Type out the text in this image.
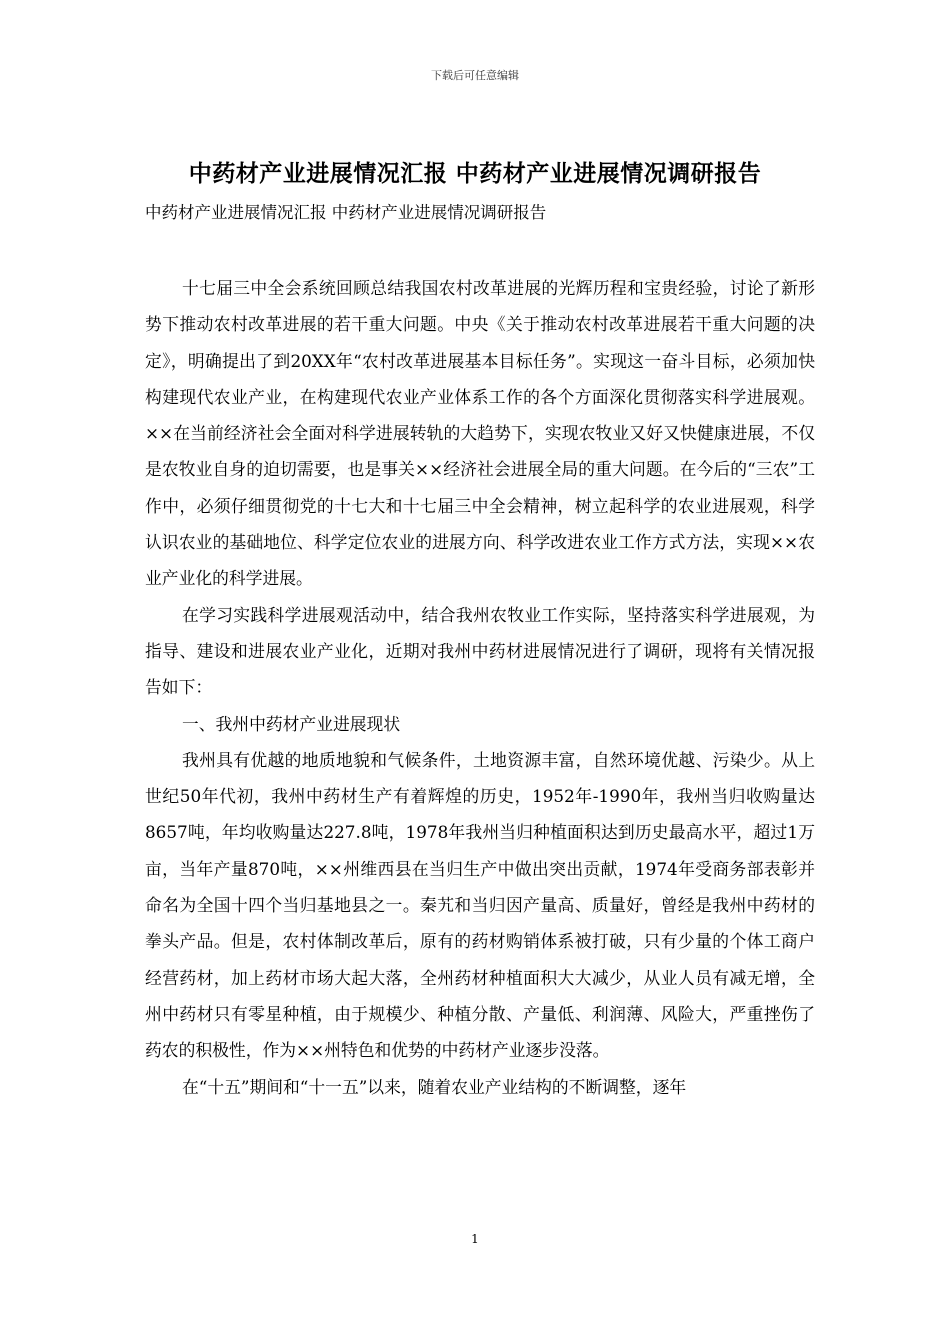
下载后可任意编辑
中药材产业进展情况汇报 中药材产业进展情况调研报告

中药材产业进展情况汇报 中药材产业进展情况调研报告

十七届三中全会系统回顾总结我国农村改革进展的光辉历程和宝贵经验，讨论了新形势下推动农村改革进展的若干重大问题。中央《关于推动农村改革进展若干重大问题的决定》，明确提出了到20XX年“农村改革进展基本目标任务”。实现这一奋斗目标，必须加快构建现代农业产业，在构建现代农业产业体系工作的各个方面深化贯彻落实科学进展观。××在当前经济社会全面对科学进展转轨的大趋势下，实现农牧业又好又快健康进展，不仅是农牧业自身的迫切需要，也是事关××经济社会进展全局的重大问题。在今后的“三农”工作中，必须仔细贯彻党的十七大和十七届三中全会精神，树立起科学的农业进展观，科学认识农业的基础地位、科学定位农业的进展方向、科学改进农业工作方式方法，实现××农业产业化的科学进展。

在学习实践科学进展观活动中，结合我州农牧业工作实际，坚持落实科学进展观，为指导、建设和进展农业产业化，近期对我州中药材进展情况进行了调研，现将有关情况报告如下：

一、我州中药材产业进展现状

我州具有优越的地质地貌和气候条件，土地资源丰富，自然环境优越、污染少。从上世纪50年代初，我州中药材生产有着辉煌的历史，1952年-1990年，我州当归收购量达8657吨，年均收购量达227.8吨，1978年我州当归种植面积达到历史最高水平，超过1万亩，当年产量870吨，××州维西县在当归生产中做出突出贡献，1974年受商务部表彰并命名为全国十四个当归基地县之一。秦艽和当归因产量高、质量好，曾经是我州中药材的拳头产品。但是，农村体制改革后，原有的药材购销体系被打破，只有少量的个体工商户经营药材，加上药材市场大起大落，全州药材种植面积大大减少，从业人员有减无增，全州中药材只有零星种植，由于规模少、种植分散、产量低、利润薄、风险大，严重挫伤了药农的积极性，作为××州特色和优势的中药材产业逐步没落。

在“十五”期间和“十一五”以来，随着农业产业结构的不断调整，逐年

1
